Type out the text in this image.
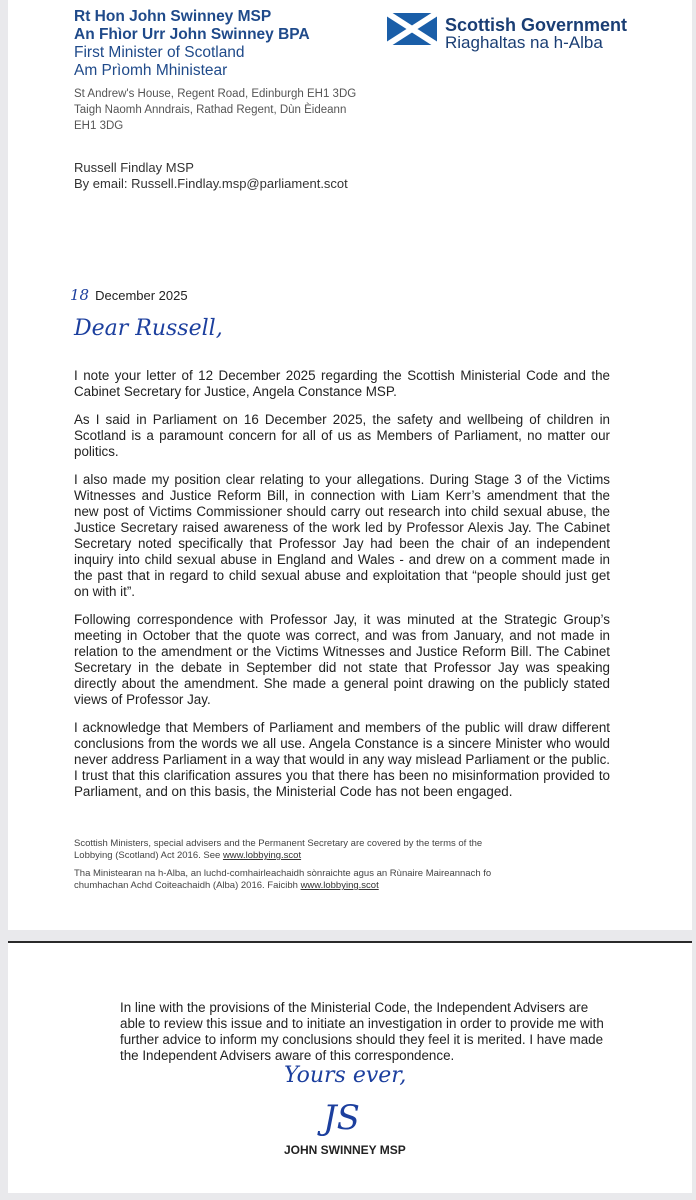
Rt Hon John Swinney MSP
An Fhìor Urr John Swinney BPA
First Minister of Scotland
Am Prìomh Mhinistear
Scottish Government
Riaghaltas na h-Alba
St Andrew's House, Regent Road, Edinburgh EH1 3DG
Taigh Naomh Anndrais, Rathad Regent, Dùn Èideann
EH1 3DG
Russell Findlay MSP
By email: Russell.Findlay.msp@parliament.scot
18 December 2025
Dear Russell,

I note your letter of 12 December 2025 regarding the Scottish Ministerial Code and the Cabinet Secretary for Justice, Angela Constance MSP.

As I said in Parliament on 16 December 2025, the safety and wellbeing of children in Scotland is a paramount concern for all of us as Members of Parliament, no matter our politics.

I also made my position clear relating to your allegations. During Stage 3 of the Victims Witnesses and Justice Reform Bill, in connection with Liam Kerr’s amendment that the new post of Victims Commissioner should carry out research into child sexual abuse, the Justice Secretary raised awareness of the work led by Professor Alexis Jay. The Cabinet Secretary noted specifically that Professor Jay had been the chair of an independent inquiry into child sexual abuse in England and Wales - and drew on a comment made in the past that in regard to child sexual abuse and exploitation that “people should just get on with it”.

Following correspondence with Professor Jay, it was minuted at the Strategic Group’s meeting in October that the quote was correct, and was from January, and not made in relation to the amendment or the Victims Witnesses and Justice Reform Bill. The Cabinet Secretary in the debate in September did not state that Professor Jay was speaking directly about the amendment. She made a general point drawing on the publicly stated views of Professor Jay.

I acknowledge that Members of Parliament and members of the public will draw different conclusions from the words we all use. Angela Constance is a sincere Minister who would never address Parliament in a way that would in any way mislead Parliament or the public. I trust that this clarification assures you that there has been no misinformation provided to Parliament, and on this basis, the Ministerial Code has not been engaged.

Scottish Ministers, special advisers and the Permanent Secretary are covered by the terms of the Lobbying (Scotland) Act 2016. See www.lobbying.scot

Tha Ministearan na h-Alba, an luchd-comhairleachaidh sònraichte agus an Rùnaire Maireannach fo chumhachan Achd Coiteachaidh (Alba) 2016. Faicibh www.lobbying.scot

In line with the provisions of the Ministerial Code, the Independent Advisers are able to review this issue and to initiate an investigation in order to provide me with further advice to inform my conclusions should they feel it is merited. I have made the Independent Advisers aware of this correspondence.
Yours ever,
JS
JOHN SWINNEY MSP
